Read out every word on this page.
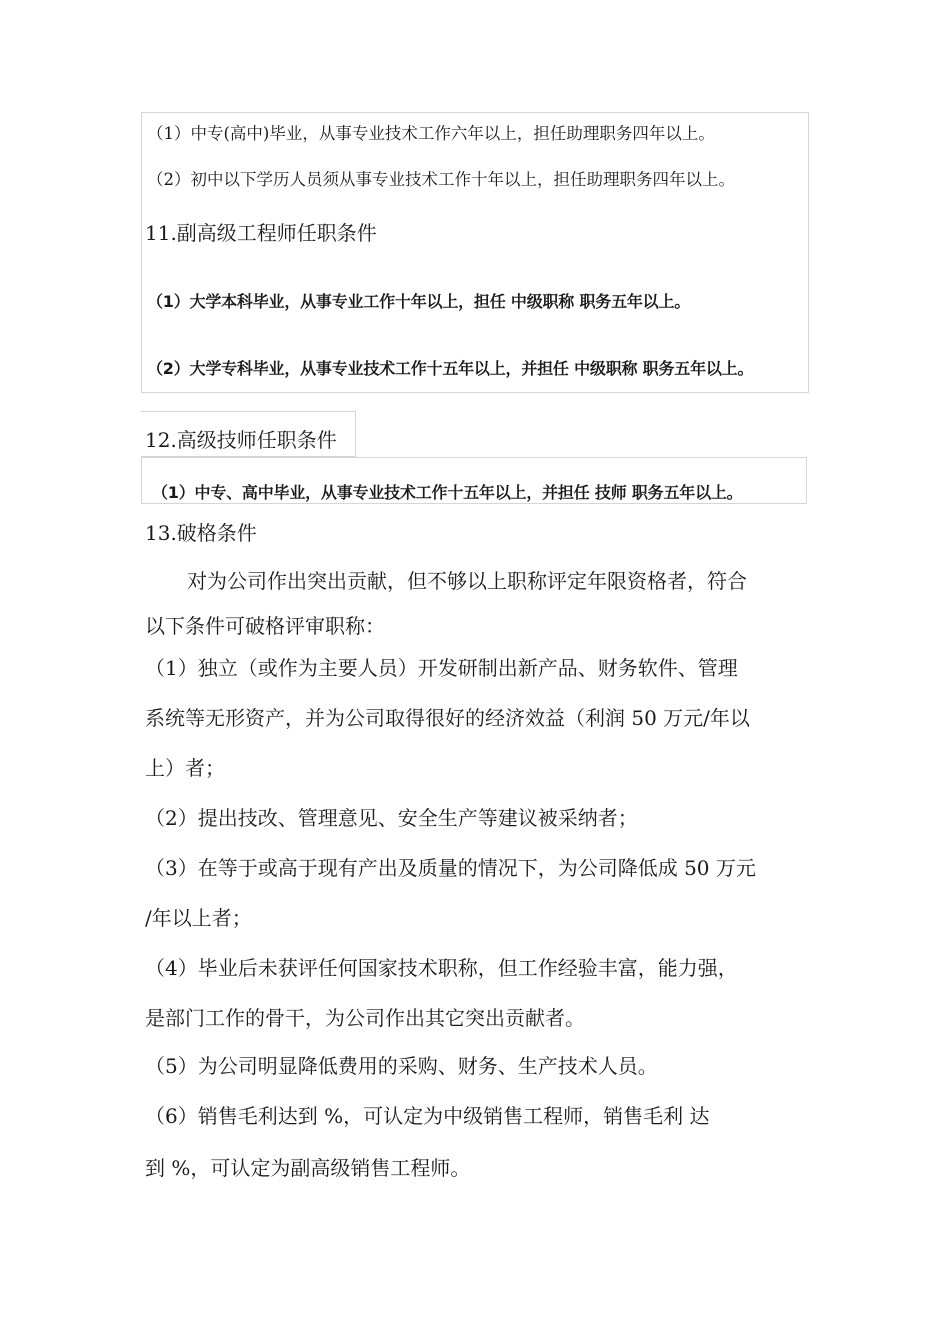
（1）中专(高中)毕业，从事专业技术工作六年以上，担任助理职务四年以上。
（2）初中以下学历人员须从事专业技术工作十年以上，担任助理职务四年以上。
11.副高级工程师任职条件
（1）大学本科毕业，从事专业工作十年以上，担任 中级职称 职务五年以上。
（2）大学专科毕业，从事专业技术工作十五年以上，并担任 中级职称 职务五年以上。
12.高级技师任职条件
（1）中专、高中毕业，从事专业技术工作十五年以上，并担任 技师 职务五年以上。
13.破格条件
对为公司作出突出贡献，但不够以上职称评定年限资格者，符合
以下条件可破格评审职称：
（1）独立（或作为主要人员）开发研制出新产品、财务软件、管理
系统等无形资产，并为公司取得很好的经济效益（利润 50 万元/年以
上）者；
（2）提出技改、管理意见、安全生产等建议被采纳者；
（3）在等于或高于现有产出及质量的情况下，为公司降低成 50 万元
/年以上者；
（4）毕业后未获评任何国家技术职称，但工作经验丰富，能力强，
是部门工作的骨干，为公司作出其它突出贡献者。
（5）为公司明显降低费用的采购、财务、生产技术人员。
（6）销售毛利达到 %，可认定为中级销售工程师，销售毛利 达
到 %，可认定为副高级销售工程师。
